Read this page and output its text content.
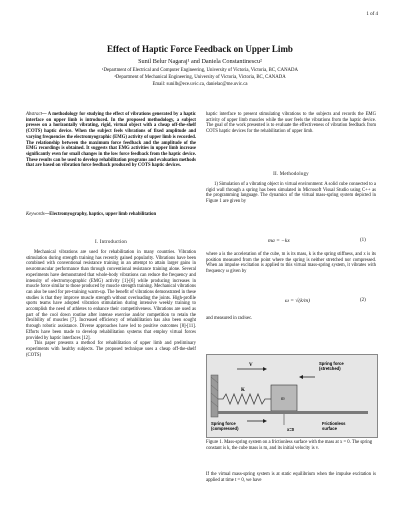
1 of 4
Effect of Haptic Force Feedback on Upper Limb
Sunil Belur Nagaraj¹ and Daniela Constantinescu²
¹Department of Electrical and Computer Engineering, University of Victoria, Victoria, BC, CANADA
²Department of Mechanical Engineering, University of Victoria, Victoria, BC, CANADA
Email: sunilb@ece.uvic.ca, danielac@me.uvic.ca
Abstract— A methodology for studying the effect of vibrations generated by a haptic interface on upper limb is introduced. In the proposed methodology, a subject presses on a horizontally vibrating, rigid, virtual object with a cheap off-the-shelf (COTS) haptic device. When the subject feels vibrations of fixed amplitude and varying frequencies the electromyographic (EMG) activity of upper limb is recorded. The relationship between the maximum force feedback and the amplitude of the EMG recordings is obtained. It suggests that EMG activities in upper limb increase significantly even for small changes in the low force feedback from the haptic device. These results can be used to develop rehabilitation programs and evaluation methods that are based on vibration force feedback produced by COTS haptic devices.
Keywords—Electromyography, haptics, upper limb rehabilitation
I. Introduction

Mechanical vibrations are used for rehabilitation in many countries. Vibration stimulation during strength training has recently gained popularity. Vibrations have been combined with conventional resistance training in an attempt to attain larger gains in neuromuscular performance than through conventional resistance training alone. Several experiments have demonstrated that whole-body vibrations can reduce the frequency and intensity of electromyographic (EMG) activity [1]-[6] while producing increases in muscle force similar to those produced by muscle strength training. Mechanical vibrations can also be used for pre-training warm-up. The benefit of vibrations demonstrated in these studies is that they improve muscle strength without overloading the joints. High-profile sports teams have adopted vibration stimulation during intensive weekly training to accomplish the need of athletes to enhance their competitiveness. Vibrations are used as part of the cool down routine after intense exercise and/or competition to retain the flexibility of muscles [7]. Increased efficiency of rehabilitation has also been sought through robotic assistance. Diverse approaches have led to positive outcomes [8]-[11]. Efforts have been made to develop rehabilitation systems that employ virtual forces provided by haptic interfaces [12].

This paper presents a method for rehabilitation of upper limb and preliminary experiments with healthy subjects. The proposed technique uses a cheap off-the-shelf (COTS)

haptic interface to present stimulating vibrations to the subjects and records the EMG activity of upper limb muscles while the user feels the vibrations from the haptic device. The goal of the work presented is to evaluate the effectiveness of vibration feedback from COTS haptic devices for the rehabilitation of upper limb.
II. Methodology

1) Simulation of a vibrating object in virtual environment: A solid cube connected to a rigid wall through a spring has been simulated in Microsoft Visual Studio using C++ as the programming language. The dynamics of the virtual mass-spring system depicted in Figure 1 are given by

ma = −kx	(1)
where a is the acceleration of the cube, m is its mass, k is the spring stiffness, and x is its position measured from the point where the spring is neither stretched nor compressed. When an impulse excitation is applied to this virtual mass-spring system, it vibrates with frequency ω given by
ω = √(k/m)	(2)
and measured in rad/sec.
V
K
m
x=0
Spring force (stretched)
Spring force (compressed)
Frictionless surface
Figure 1. Mass-spring system on a frictionless surface with the mass at x = 0. The spring constant is k, the cube mass is m, and its initial velocity is v.
If the virtual mass-spring system is at static equilibrium when the impulse excitation is applied at time t = 0, we have
